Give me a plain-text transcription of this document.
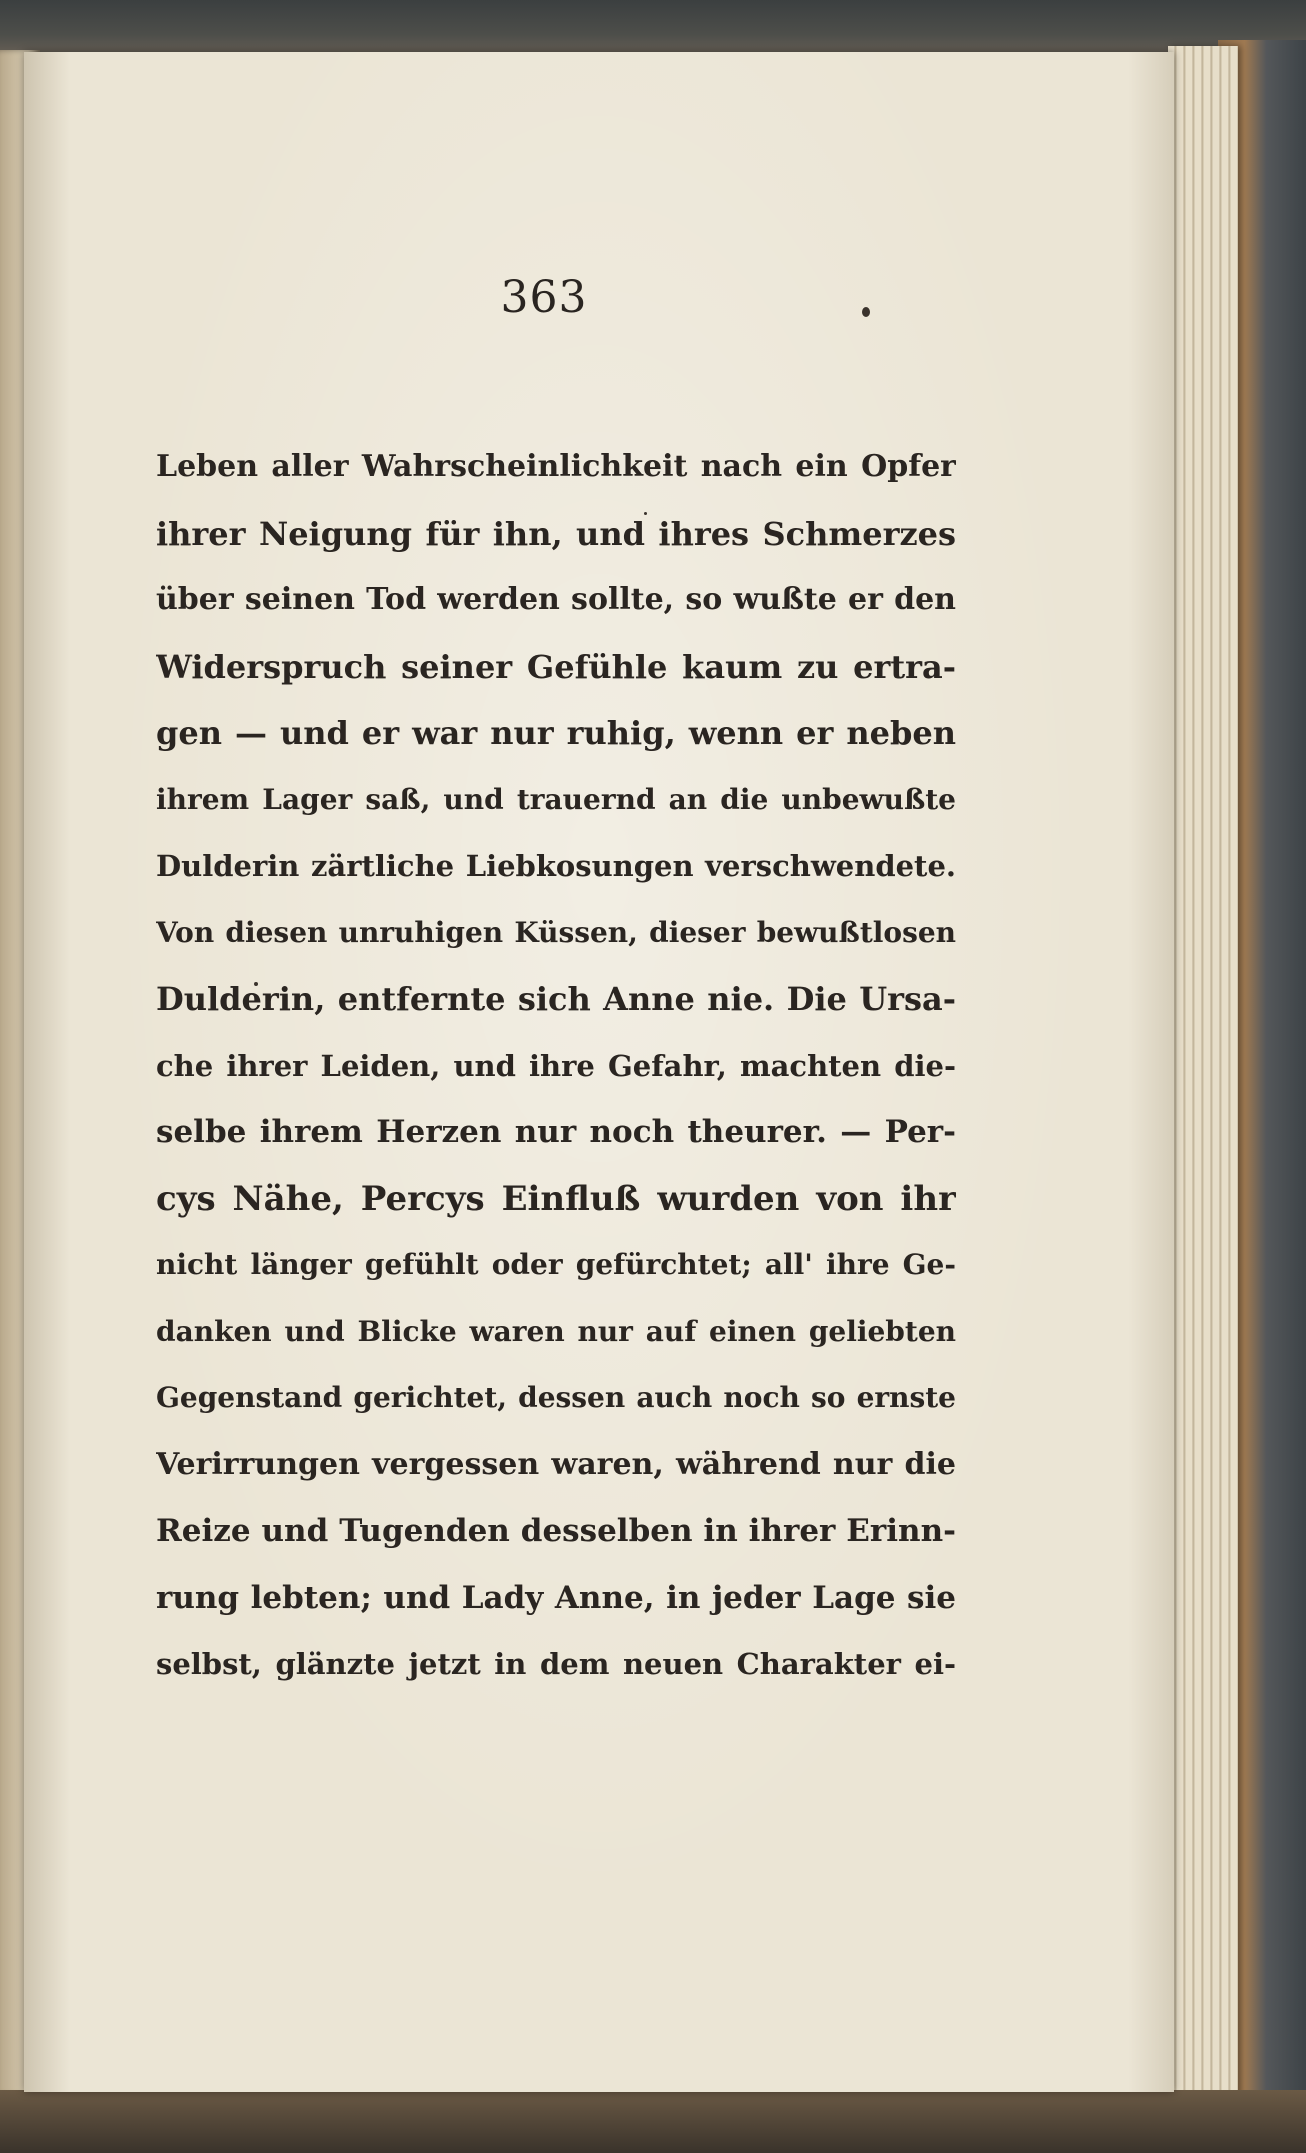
363
Leben aller Wahrscheinlichkeit nach ein Opfer
ihrer Neigung für ihn, und ihres Schmerzes
über seinen Tod werden sollte, so wußte er den
Widerspruch seiner Gefühle kaum zu ertra-
gen — und er war nur ruhig, wenn er neben
ihrem Lager saß, und trauernd an die unbewußte
Dulderin zärtliche Liebkosungen verschwendete.
Von diesen unruhigen Küssen, dieser bewußtlosen
Dulderin, entfernte sich Anne nie. Die Ursa-
che ihrer Leiden, und ihre Gefahr, machten die-
selbe ihrem Herzen nur noch theurer. — Per-
cys Nähe, Percys Einfluß wurden von ihr
nicht länger gefühlt oder gefürchtet; all' ihre Ge-
danken und Blicke waren nur auf einen geliebten
Gegenstand gerichtet, dessen auch noch so ernste
Verirrungen vergessen waren, während nur die
Reize und Tugenden desselben in ihrer Erinn-
rung lebten; und Lady Anne, in jeder Lage sie
selbst, glänzte jetzt in dem neuen Charakter ei-
